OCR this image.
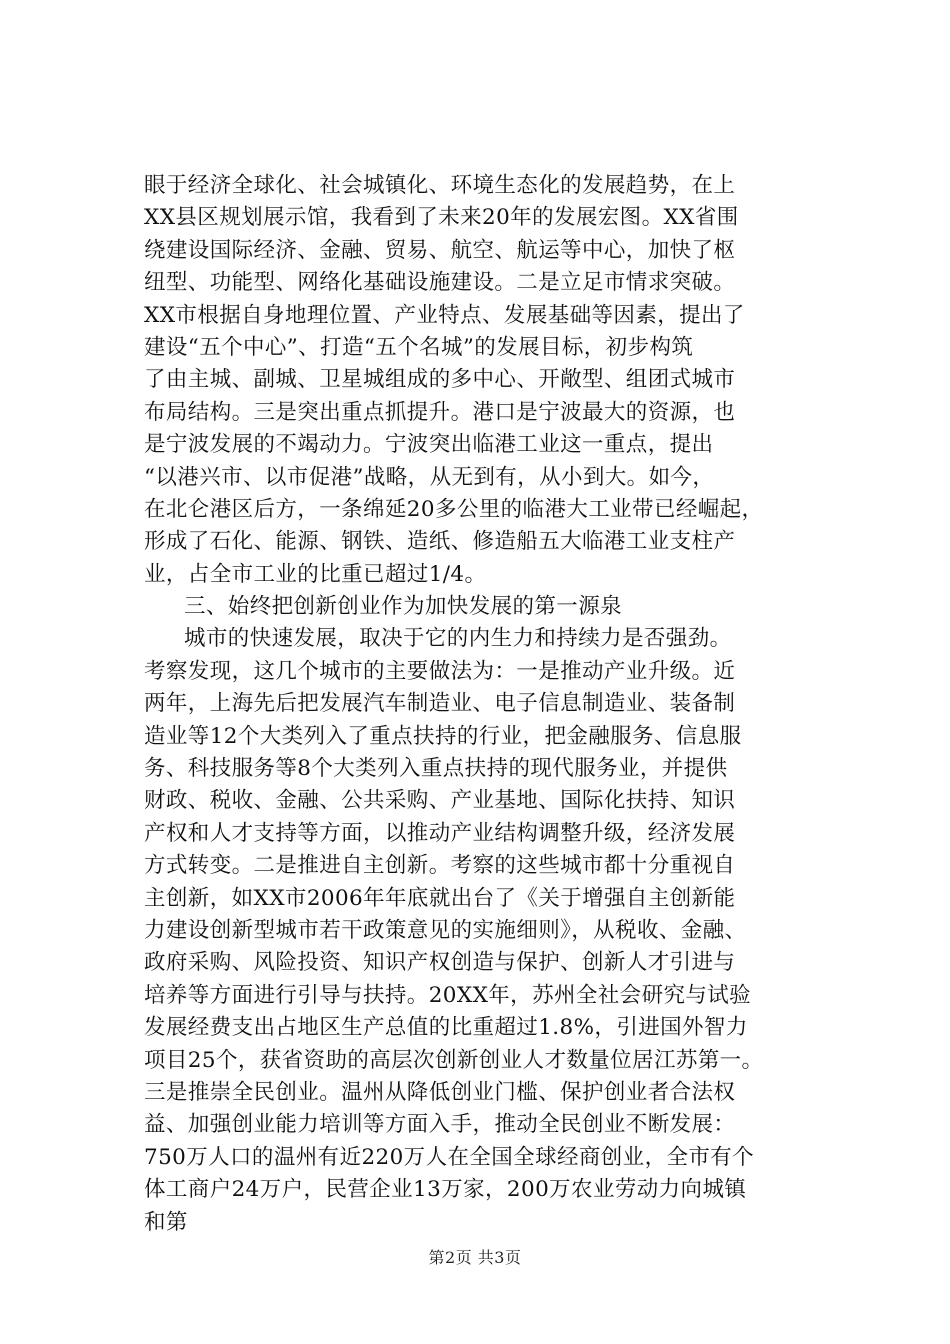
眼于经济全球化、社会城镇化、环境生态化的发展趋势，在上
XX县区规划展示馆，我看到了未来20年的发展宏图。XX省围
绕建设国际经济、金融、贸易、航空、航运等中心，加快了枢
纽型、功能型、网络化基础设施建设。二是立足市情求突破。
XX市根据自身地理位置、产业特点、发展基础等因素，提出了
建设“五个中心”、打造“五个名城”的发展目标，初步构筑
了由主城、副城、卫星城组成的多中心、开敞型、组团式城市
布局结构。三是突出重点抓提升。港口是宁波最大的资源，也
是宁波发展的不竭动力。宁波突出临港工业这一重点，提出
“以港兴市、以市促港”战略，从无到有，从小到大。如今，
在北仑港区后方，一条绵延20多公里的临港大工业带已经崛起，
形成了石化、能源、钢铁、造纸、修造船五大临港工业支柱产
业，占全市工业的比重已超过1/4。
三、始终把创新创业作为加快发展的第一源泉
城市的快速发展，取决于它的内生力和持续力是否强劲。
考察发现，这几个城市的主要做法为：一是推动产业升级。近
两年，上海先后把发展汽车制造业、电子信息制造业、装备制
造业等12个大类列入了重点扶持的行业，把金融服务、信息服
务、科技服务等8个大类列入重点扶持的现代服务业，并提供
财政、税收、金融、公共采购、产业基地、国际化扶持、知识
产权和人才支持等方面，以推动产业结构调整升级，经济发展
方式转变。二是推进自主创新。考察的这些城市都十分重视自
主创新，如XX市2006年年底就出台了《关于增强自主创新能
力建设创新型城市若干政策意见的实施细则》，从税收、金融、
政府采购、风险投资、知识产权创造与保护、创新人才引进与
培养等方面进行引导与扶持。20XX年，苏州全社会研究与试验
发展经费支出占地区生产总值的比重超过1.8%，引进国外智力
项目25个，获省资助的高层次创新创业人才数量位居江苏第一。
三是推崇全民创业。温州从降低创业门槛、保护创业者合法权
益、加强创业能力培训等方面入手，推动全民创业不断发展：
750万人口的温州有近220万人在全国全球经商创业，全市有个
体工商户24万户，民营企业13万家，200万农业劳动力向城镇
和第
第2页 共3页
